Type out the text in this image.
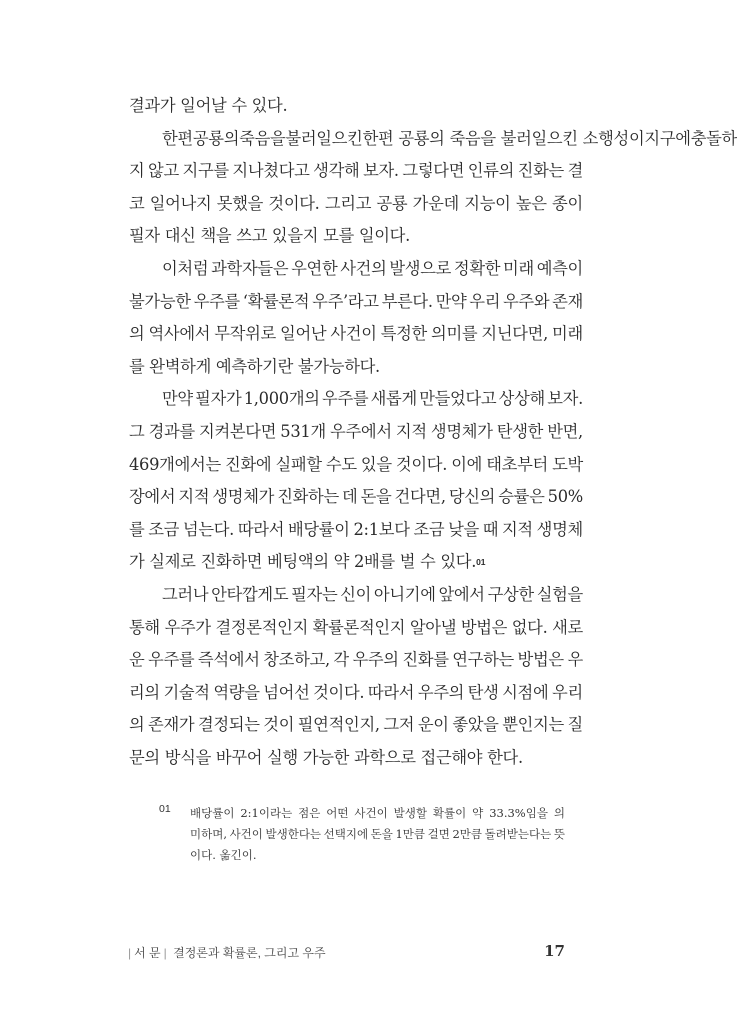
결과가 일어날 수 있다.
한편 공룡의 죽음을 불러일으킨 한편 공룡의 죽음을 불러일으킨 소행성 이 지구에 충돌하
지 않고 지구를 지나쳤다고 생각해 보자. 그렇다면 인류의 진화는 결
코 일어나지 못했을 것이다. 그리고 공룡 가운데 지능이 높은 종이
필자 대신 책을 쓰고 있을지 모를 일이다.
이처럼 과학자들은 우연한 사건의 발생으로 정확한 미래 예측이
불가능한 우주를 ‘확률론적 우주’라고 부른다. 만약 우리 우주와 존재
의 역사에서 무작위로 일어난 사건이 특정한 의미를 지닌다면, 미래
를 완벽하게 예측하기란 불가능하다.
만약 필자가 1,000개의 우주를 새롭게 만들었다고 상상해 보자.
그 경과를 지켜본다면 531개 우주에서 지적 생명체가 탄생한 반면,
469개에서는 진화에 실패할 수도 있을 것이다. 이에 태초부터 도박
장에서 지적 생명체가 진화하는 데 돈을 건다면, 당신의 승률은 50%
를 조금 넘는다. 따라서 배당률이 2:1보다 조금 낮을 때 지적 생명체
가 실제로 진화하면 베팅액의 약 2배를 벌 수 있다. 01
그러나 안타깝게도 필자는 신이 아니기에 앞에서 구상한 실험을
통해 우주가 결정론적인지 확률론적인지 알아낼 방법은 없다. 새로
운 우주를 즉석에서 창조하고, 각 우주의 진화를 연구하는 방법은 우
리의 기술적 역량을 넘어선 것이다. 따라서 우주의 탄생 시점에 우리
의 존재가 결정되는 것이 필연적인지, 그저 운이 좋았을 뿐인지는 질
문의 방식을 바꾸어 실행 가능한 과학으로 접근해야 한다.
01 배당률이 2:1이라는 점은 어떤 사건이 발생할 확률이 약 33.3%임을 의
미하며, 사건이 발생한다는 선택지에 돈을 1만큼 걸면 2만큼 돌려받는다는 뜻
이다. 옮긴이.
| 서 문 | 결정론과 확률론, 그리고 우주	17
